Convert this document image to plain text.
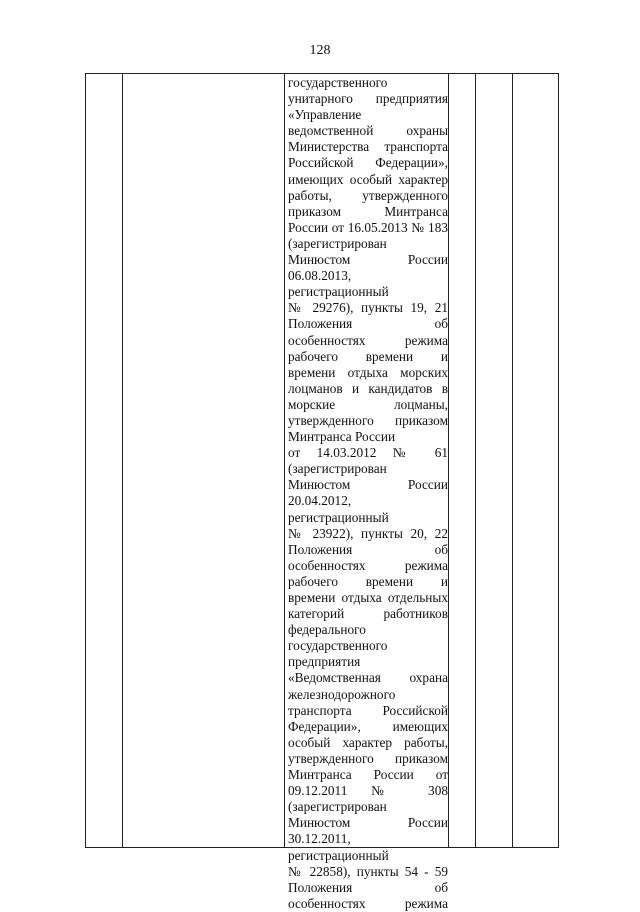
128
государственного
унитарного предприятия
«Управление
ведомственной охраны
Министерства транспорта
Российской Федерации»,
имеющих особый характер
работы, утвержденного
приказом Минтранса
России от 16.05.2013 № 183
(зарегистрирован
Минюстом России
06.08.2013,
регистрационный
№ 29276), пункты 19, 21
Положения об
особенностях режима
рабочего времени и
времени отдыха морских
лоцманов и кандидатов в
морские лоцманы,
утвержденного приказом
Минтранса России
от 14.03.2012 № 61
(зарегистрирован
Минюстом России
20.04.2012,
регистрационный
№ 23922), пункты 20, 22
Положения об
особенностях режима
рабочего времени и
времени отдыха отдельных
категорий работников
федерального
государственного
предприятия
«Ведомственная охрана
железнодорожного
транспорта Российской
Федерации», имеющих
особый характер работы,
утвержденного приказом
Минтранса России от
09.12.2011 № 308
(зарегистрирован
Минюстом России
30.12.2011,
регистрационный
№ 22858), пункты 54 - 59
Положения об
особенностях режима
